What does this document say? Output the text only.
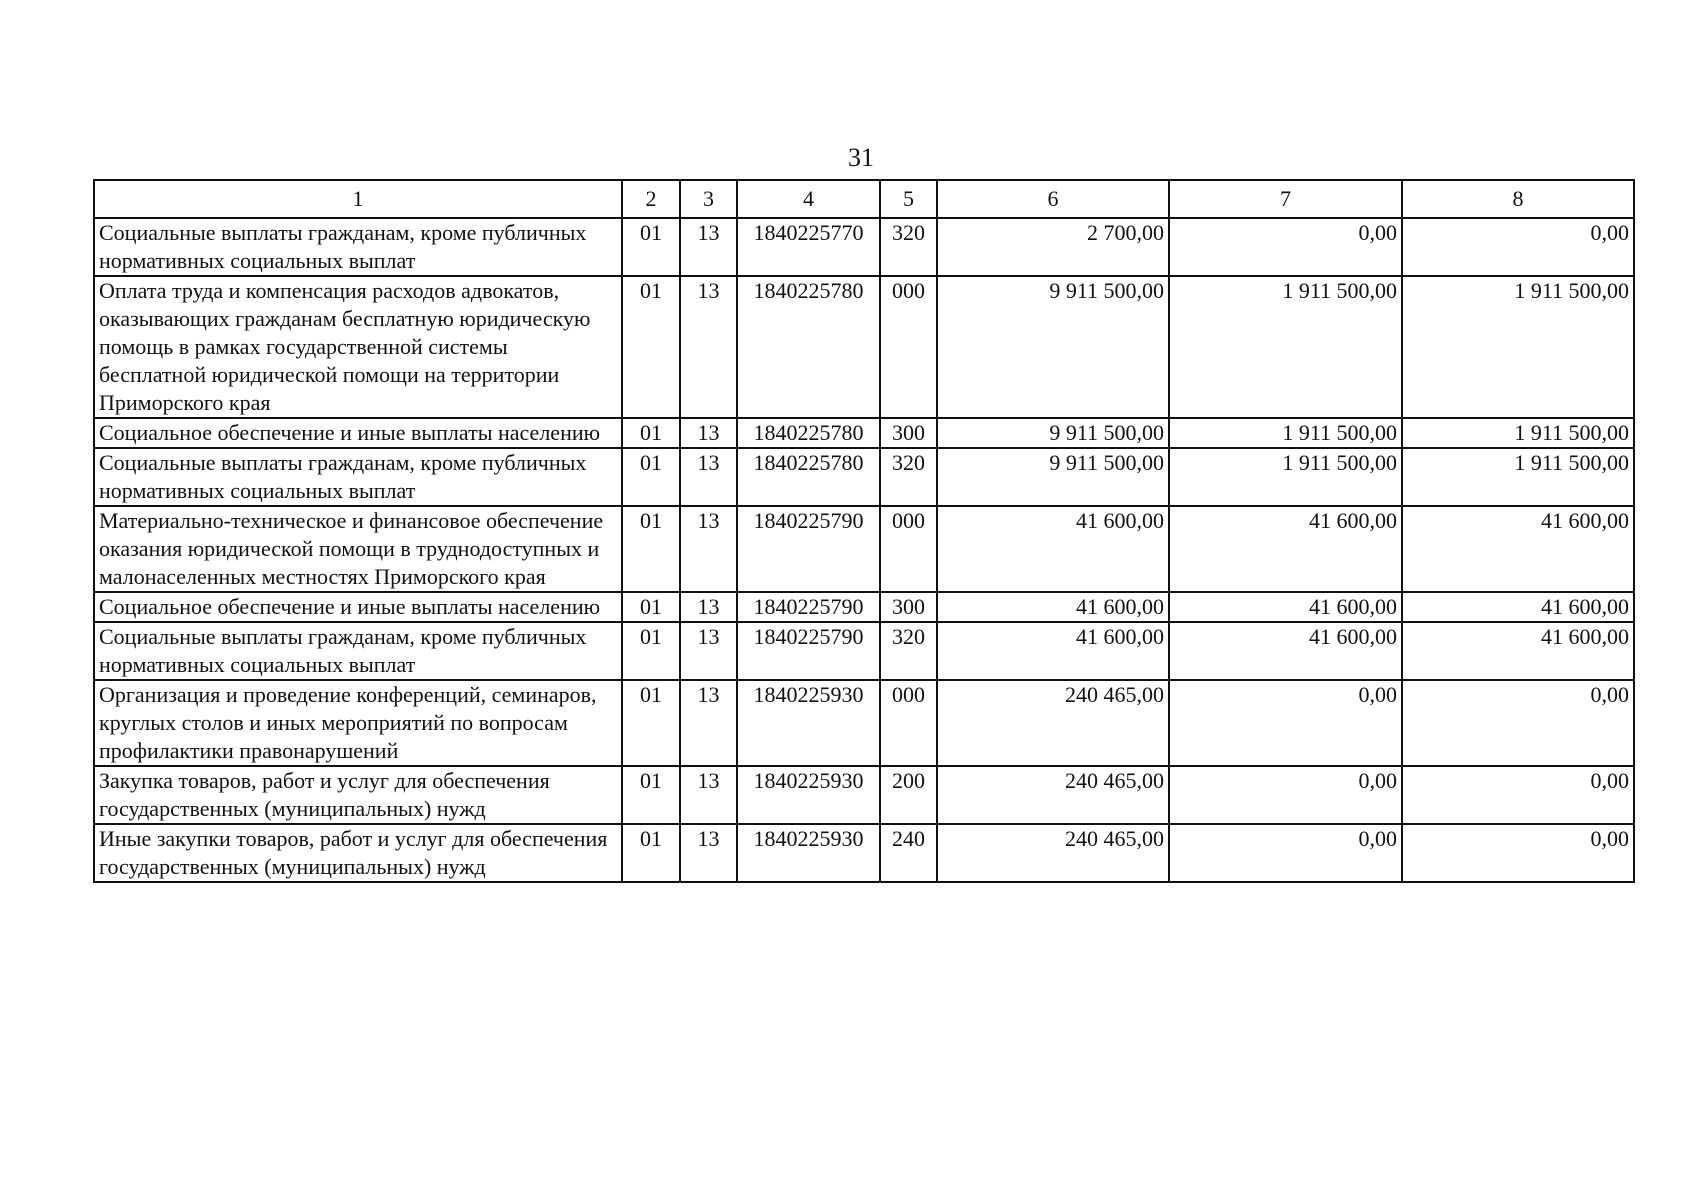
31
1	2	3	4	5	6	7	8
Социальные выплаты гражданам, кроме публичных нормативных социальных выплат	01	13	1840225770	320	2 700,00	0,00	0,00
Оплата труда и компенсация расходов адвокатов, оказывающих гражданам бесплатную юридическую помощь в рамках государственной системы бесплатной юридической помощи на территории Приморского края	01	13	1840225780	000	9 911 500,00	1 911 500,00	1 911 500,00
Социальное обеспечение и иные выплаты населению	01	13	1840225780	300	9 911 500,00	1 911 500,00	1 911 500,00
Социальные выплаты гражданам, кроме публичных нормативных социальных выплат	01	13	1840225780	320	9 911 500,00	1 911 500,00	1 911 500,00
Материально-техническое и финансовое обеспечение оказания юридической помощи в труднодоступных и малонаселенных местностях Приморского края	01	13	1840225790	000	41 600,00	41 600,00	41 600,00
Социальное обеспечение и иные выплаты населению	01	13	1840225790	300	41 600,00	41 600,00	41 600,00
Социальные выплаты гражданам, кроме публичных нормативных социальных выплат	01	13	1840225790	320	41 600,00	41 600,00	41 600,00
Организация и проведение конференций, семинаров, круглых столов и иных мероприятий по вопросам профилактики правонарушений	01	13	1840225930	000	240 465,00	0,00	0,00
Закупка товаров, работ и услуг для обеспечения государственных (муниципальных) нужд	01	13	1840225930	200	240 465,00	0,00	0,00
Иные закупки товаров, работ и услуг для обеспечения государственных (муниципальных) нужд	01	13	1840225930	240	240 465,00	0,00	0,00
